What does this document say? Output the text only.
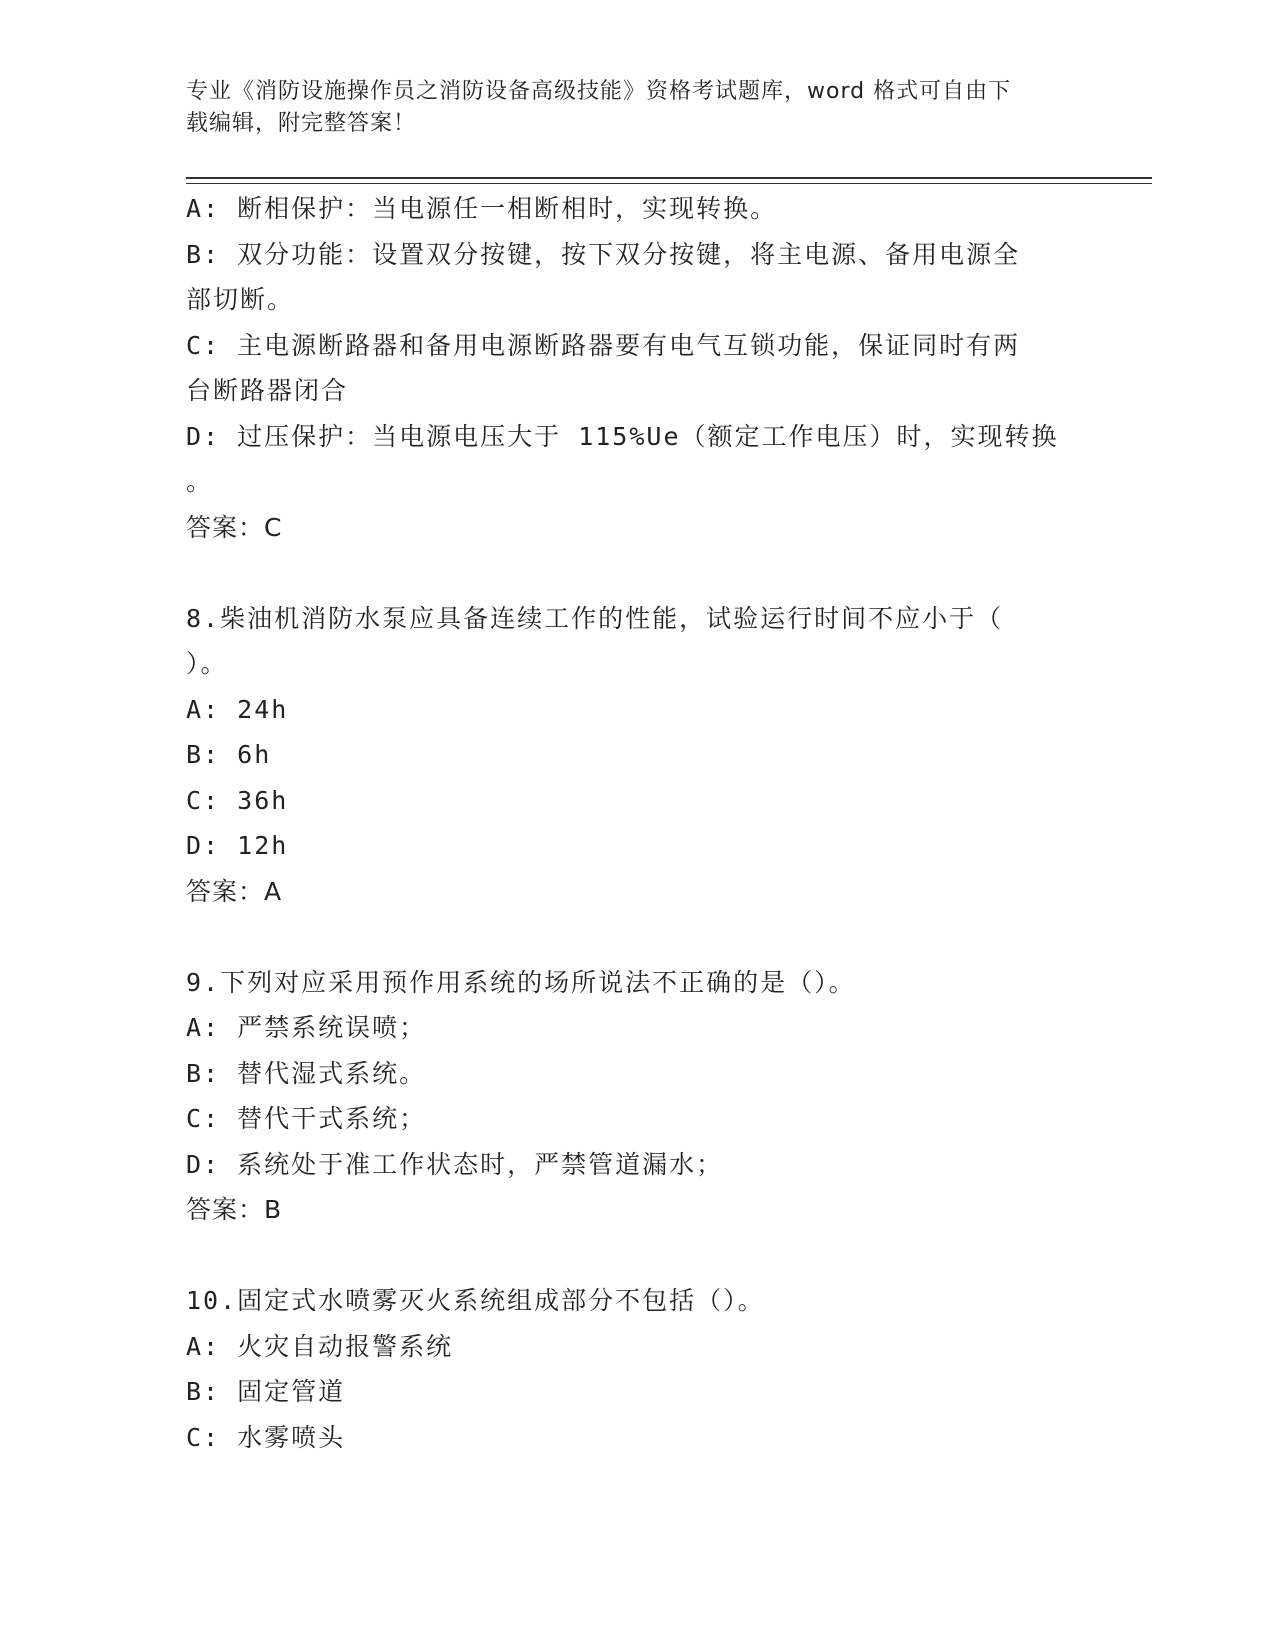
专业《消防设施操作员之消防设备高级技能》资格考试题库，word 格式可自由下
载编辑，附完整答案！
A: 断相保护：当电源任一相断相时，实现转换。
B: 双分功能：设置双分按键，按下双分按键，将主电源、备用电源全
部切断。
C: 主电源断路器和备用电源断路器要有电气互锁功能，保证同时有两
台断路器闭合
D: 过压保护：当电源电压大于 115%Ue（额定工作电压）时，实现转换
。
答案：C
8.柴油机消防水泵应具备连续工作的性能，试验运行时间不应小于（
）。
A: 24h
B: 6h
C: 36h
D: 12h
答案：A
9.下列对应采用预作用系统的场所说法不正确的是（）。
A: 严禁系统误喷；
B: 替代湿式系统。
C: 替代干式系统；
D: 系统处于准工作状态时，严禁管道漏水；
答案：B
10.固定式水喷雾灭火系统组成部分不包括（）。
A: 火灾自动报警系统
B: 固定管道
C: 水雾喷头
